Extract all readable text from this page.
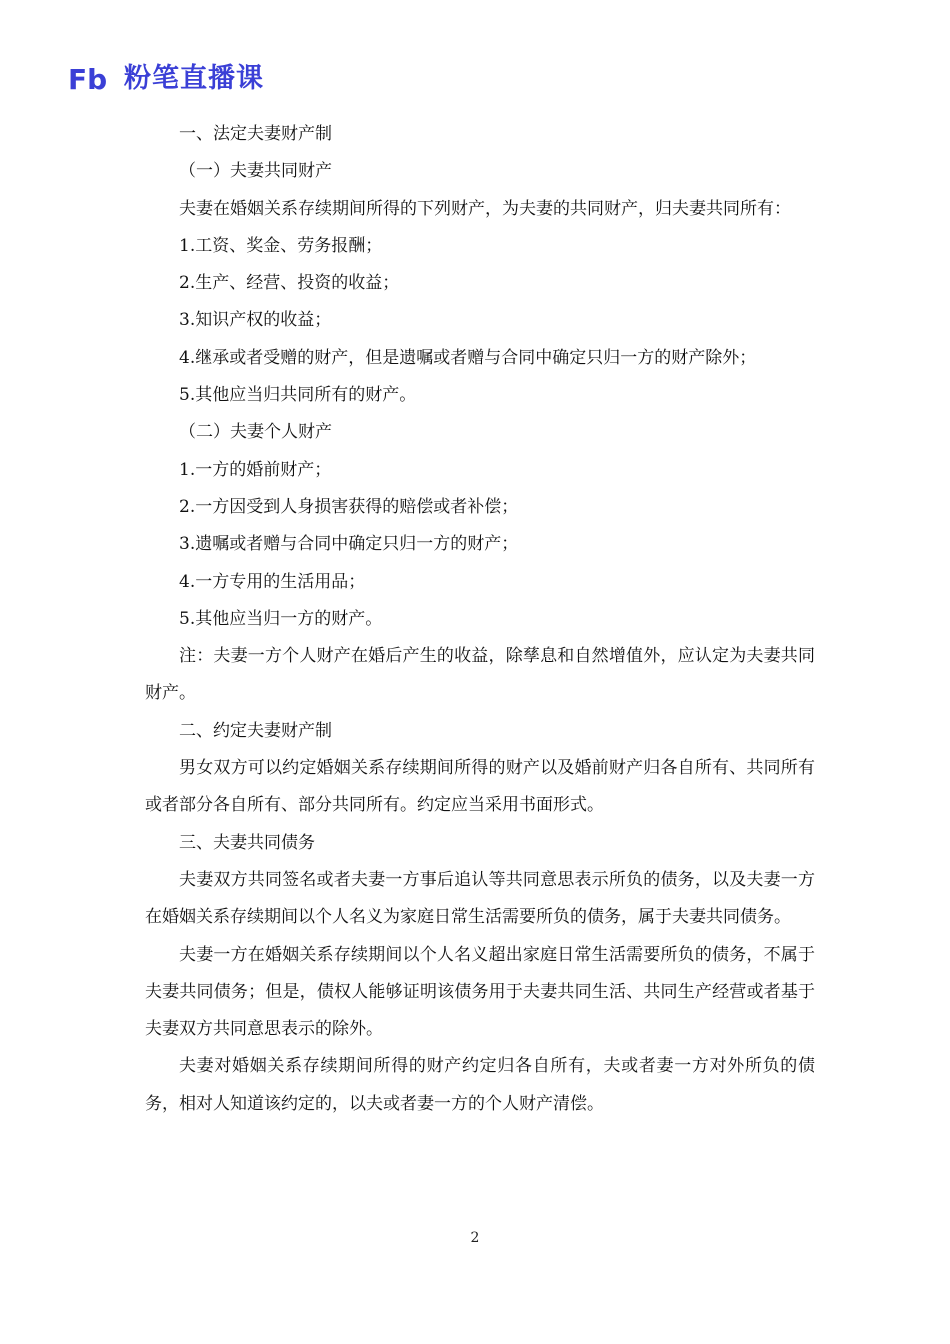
Fb 粉笔直播课

一、法定夫妻财产制

（一）夫妻共同财产

夫妻在婚姻关系存续期间所得的下列财产，为夫妻的共同财产，归夫妻共同所有：

1.工资、奖金、劳务报酬；

2.生产、经营、投资的收益；

3.知识产权的收益；

4.继承或者受赠的财产，但是遗嘱或者赠与合同中确定只归一方的财产除外；

5.其他应当归共同所有的财产。

（二）夫妻个人财产

1.一方的婚前财产；

2.一方因受到人身损害获得的赔偿或者补偿；

3.遗嘱或者赠与合同中确定只归一方的财产；

4.一方专用的生活用品；

5.其他应当归一方的财产。

注：夫妻一方个人财产在婚后产生的收益，除孳息和自然增值外，应认定为夫妻共同财产。

二、约定夫妻财产制

男女双方可以约定婚姻关系存续期间所得的财产以及婚前财产归各自所有、共同所有或者部分各自所有、部分共同所有。约定应当采用书面形式。

三、夫妻共同债务

夫妻双方共同签名或者夫妻一方事后追认等共同意思表示所负的债务，以及夫妻一方在婚姻关系存续期间以个人名义为家庭日常生活需要所负的债务，属于夫妻共同债务。

夫妻一方在婚姻关系存续期间以个人名义超出家庭日常生活需要所负的债务，不属于夫妻共同债务；但是，债权人能够证明该债务用于夫妻共同生活、共同生产经营或者基于夫妻双方共同意思表示的除外。

夫妻对婚姻关系存续期间所得的财产约定归各自所有，夫或者妻一方对外所负的债务，相对人知道该约定的，以夫或者妻一方的个人财产清偿。

2
